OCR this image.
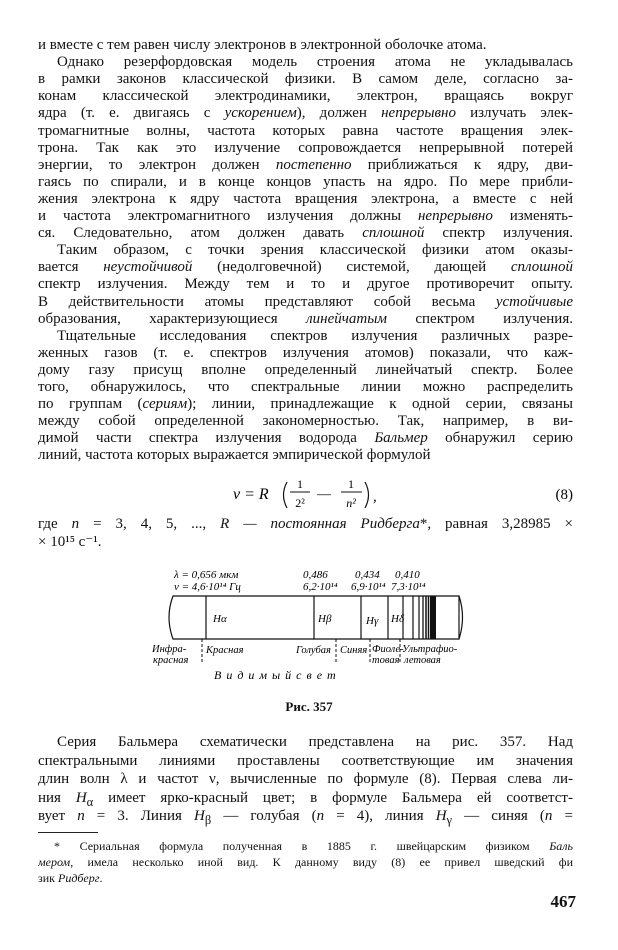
и вместе с тем равен числу электронов в электронной оболочке атома.
Однако резерфордовская модель строения атома не укладывалась
в рамки законов классической физики. В самом деле, согласно за-
конам классической электродинамики, электрон, вращаясь вокруг
ядра (т. е. двигаясь с ускорением), должен непрерывно излучать элек-
тромагнитные волны, частота которых равна частоте вращения элек-
трона. Так как это излучение сопровождается непрерывной потерей
энергии, то электрон должен постепенно приближаться к ядру, дви-
гаясь по спирали, и в конце концов упасть на ядро. По мере прибли-
жения электрона к ядру частота вращения электрона, а вместе с ней
и частота электромагнитного излучения должны непрерывно изменять-
ся. Следовательно, атом должен давать сплошной спектр излучения.
Таким образом, с точки зрения классической физики атом оказы-
вается неустойчивой (недолговечной) системой, дающей сплошной
спектр излучения. Между тем и то и другое противоречит опыту.
В действительности атомы представляют собой весьма устойчивые
образования, характеризующиеся линейчатым спектром излучения.
Тщательные исследования спектров излучения различных разре-
женных газов (т. е. спектров излучения атомов) показали, что каж-
дому газу присущ вполне определенный линейчатый спектр. Более
того, обнаружилось, что спектральные линии можно распределить
по группам (сериям); линии, принадлежащие к одной серии, связаны
между собой определенной закономерностью. Так, например, в ви-
димой части спектра излучения водорода Бальмер обнаружил серию
линий, частота которых выражается эмпирической формулой
ν = R
1
2²
—
1
n² ,	(8)
где n = 3, 4, 5, ..., R — постоянная Ридберга*, равная 3,28985 ×
× 10¹⁵ с⁻¹.
λ = 0,656 мкм
ν = 4,6·10¹⁴ Гц
0,486
6,2·10¹⁴
0,434
6,9·10¹⁴
0,410
7,3·10¹⁴
Hα	Hβ	Hγ Hδ
Инфра-
красная
Красная	Голубая Синяя Фиоле-
товая
Ультрафио-
летовая
В и д и м ы й с в е т
Рис. 357
Серия Бальмера схематически представлена на рис. 357. Над
спектральными линиями проставлены соответствующие им значения
длин волн λ и частот ν, вычисленные по формуле (8). Первая слева ли-
ния $H_\alpha$ имеет ярко-красный цвет; в формуле Бальмера ей соответст-
вует n = 3. Линия $H_\beta$ — голубая (n = 4), линия $H_\gamma$ — синяя (n =
* Сериальная формула полученная в 1885 г. швейцарским физиком Баль
мером, имела несколько иной вид. К данному виду (8) ее привел шведский фи
зик Ридберг.
467
